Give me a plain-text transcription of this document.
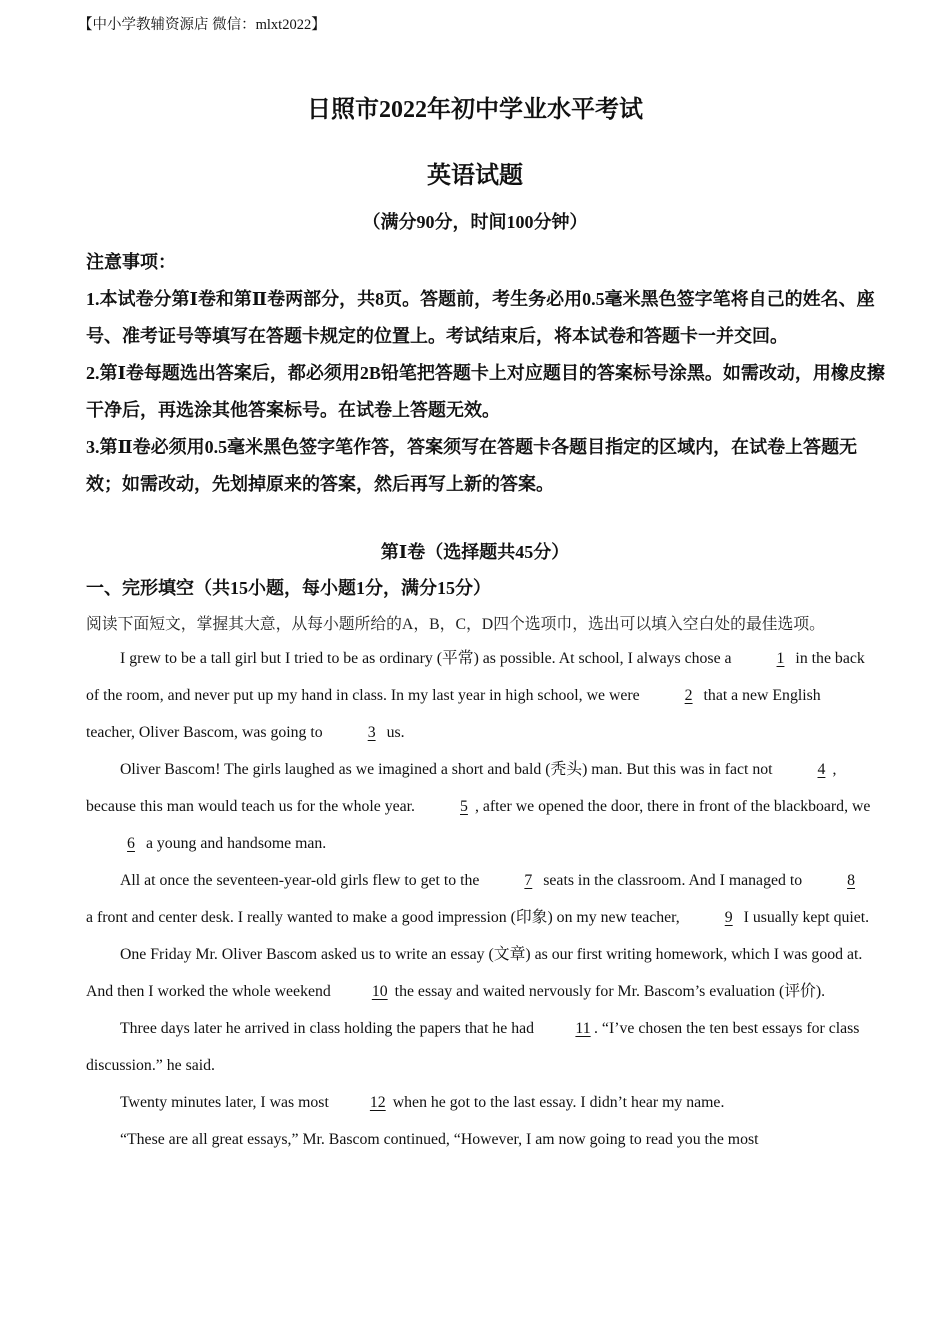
【中小学教辅资源店 微信：mlxt2022】
日照市2022年初中学业水平考试
英语试题
（满分90分，时间100分钟）

注意事项：

1.本试卷分第Ⅰ卷和第Ⅱ卷两部分，共8页。答题前，考生务必用0.5毫米黑色签字笔将自己的姓名、座号、准考证号等填写在答题卡规定的位置上。考试结束后，将本试卷和答题卡一并交回。

2.第Ⅰ卷每题选出答案后，都必须用2B铅笔把答题卡上对应题目的答案标号涂黑。如需改动，用橡皮擦干净后，再选涂其他答案标号。在试卷上答题无效。

3.第Ⅱ卷必须用0.5毫米黑色签字笔作答，答案须写在答题卡各题目指定的区域内，在试卷上答题无效；如需改动，先划掉原来的答案，然后再写上新的答案。

第Ⅰ卷（选择题共45分）
一、完形填空（共15小题，每小题1分，满分15分）
阅读下面短文，掌握其大意，从每小题所给的A，B，C，D四个选项巾，选出可以填入空白处的最佳选项。

I grew to be a tall girl but I tried to be as ordinary (平常) as possible. At school, I always chose a	1 in the back of the room, and never put up my hand in class. In my last year in high school, we were	2 that a new English teacher, Oliver Bascom, was going to	3 us.

Oliver Bascom! The girls laughed as we imagined a short and bald (秃头) man. But this was in fact not	4 , because this man would teach us for the whole year.	5 , after we opened the door, there in front of the blackboard, we 6 a young and handsome man.

All at once the seventeen-year-old girls flew to get to the	7 seats in the classroom. And I managed to	8 a front and center desk. I really wanted to make a good impression (印象) on my new teacher,	9 I usually kept quiet.

One Friday Mr. Oliver Bascom asked us to write an essay (文章) as our first writing homework, which I was good at. And then I worked the whole weekend 10 the essay and waited nervously for Mr. Bascom’s evaluation (评价).

Three days later he arrived in class holding the papers that he had 11 . “I’ve chosen the ten best essays for class discussion.” he said.

Twenty minutes later, I was most 12 when he got to the last essay. I didn’t hear my name.

“These are all great essays,” Mr. Bascom continued, “However, I am now going to read you the most
